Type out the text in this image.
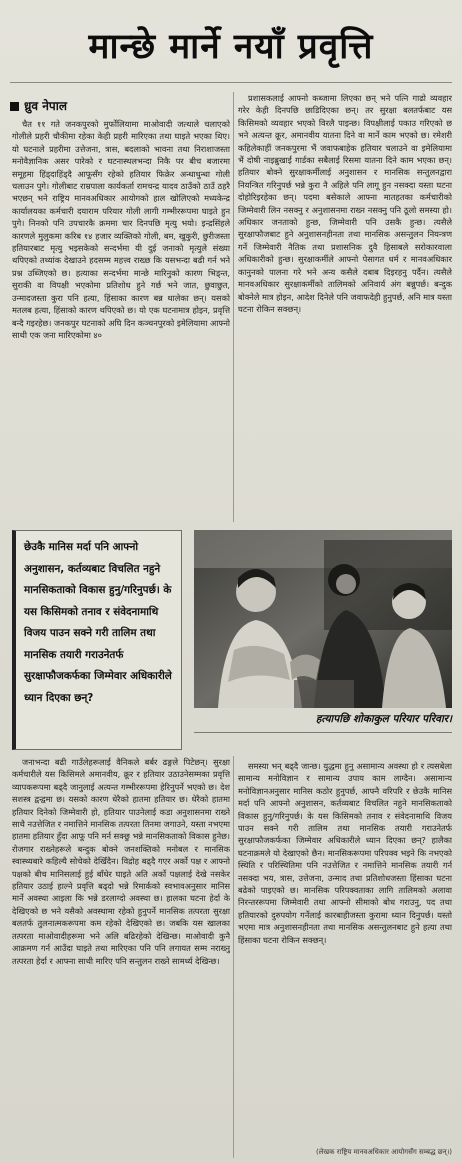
मान्छे मार्ने नयाँ प्रवृत्ति
ध्रुव नेपाल

चैत ११ गते जनकपुरको मुर्फोलियामा माओवादी जत्थाले चलाएको गोलीले प्रहरी चौकीमा रहेका केही प्रहरी मारिएका तथा घाइते भएका थिए। यो घटनाले प्रहरीमा उत्तेजना, त्रास, बदलाको भावना तथा निराशाजस्ता मनोवैज्ञानिक असर पारेको र घटनास्थलभन्दा निकै पर बीच बजारमा समूहमा हिंड्दाहिंड्दै आफूसँग रहेको हतियार फिक्रेर अन्धाधुन्धा गोली चलाउन पुगे। गोलीबाट राम्रपाला कार्यकर्ता रामचन्द्र यादव ठाउँको ठाउँ ठहरै भएछन् भने राष्ट्रिय मानवअधिकार आयोगको हाल खोलिएको मध्यकेन्द्र कार्यालयका कर्मचारी दयाराम परियार गोली लागी गम्भीररूपमा घाइते हुन पुगे। निनको पनि उपचारकै क्रममा चार दिनपछि मृत्यु भयो। इन्द्रसिंहले कारणले मुलुकमा करिब १४ हजार व्यक्तिको गोली, बम, खुकुरी, छुरीजस्ता हतियारबाट मृत्यु भइसकेको सन्दर्भमा यी दुई जनाको मृत्युले संख्या थपिएको तथ्यांक देखाउने हदसम्म महत्त्व राख्छ कि यसभन्दा बढी गर्न भने प्रश्न उब्जिएको छ। हत्याका सन्दर्भमा मान्छे मारिनुको कारण भिड्न्त, सुराकी वा विपक्षी भएकोमा प्रतिशोध हुने गर्छ भने जात, छुवाछुत, उन्मादजस्ता कुरा पनि हत्या, हिंसाका कारण बन्न थालेका छन्। यसको मतलब हत्या, हिंसाको कारण थपिएको छ। यो एक घटनामात्र होइन, प्रवृत्ति बन्दै गइरहेछ। जनकपुर घटनाको अघि दिन कञ्चनपुरको इमेलियामा आफ्नो साथी एक जना मारिएकोमा ४०

प्रशासकलाई आफ्नो कब्जामा लिएका छन् भने पत्नि गाढो व्यवहार गरेर केही दिनपछि छाडिदिएका छन्। तर सुरक्षा बलतर्फबाट यस किसिमको व्यवहार भएको विरलै पाइन्छ। विपक्षीलाई पकाउ गरिएको छ भने अत्यन्त क्रूर, अमानवीय यातना दिने वा मार्ने काम भएको छ। रमेशरी कहिलेकाहीं जनकपुरमा भैं जवाफबाहेक हतियार चलाउने वा इमेलियामा भैं दोषी नाइब्रुखाई गार्डका सबैलाई रिसमा यातना दिने काम भएका छन्। हतियार बोक्ने सुरक्षाकर्मीलाई अनुशासन र मानसिक सन्तुलनद्वारा नियन्त्रित गरिनुपर्छ भन्ने कुरा नै अहिले पनि लागू हुन नसक्दा यस्ता घटना दोहोरिइरहेका छन्। पदमा बसेकाले आफ्ना मातहतका कर्मचारीको जिम्मेवारी लिन नसक्नु र अनुशासनमा राख्न नसक्नु पनि ठूलो समस्या हो। अधिकार जनताको हुन्छ, जिम्मेवारी पनि उसकै हुन्छ। त्यसैले सुरक्षाफौजबाट हुने अनुशासनहीनता तथा मानसिक असन्तुलन नियन्त्रण गर्ने जिम्मेवारी नैतिक तथा प्रशासनिक दुवै हिसाबले सरोकारवाला अधिकारीको हुन्छ। सुरक्षाकर्मीले आफ्नो पेसागत धर्म र मानवअधिकार कानुनको पालना गरे भने अन्य कसैले दबाब दिइरहनु पर्दैन। त्यसैले मानवअधिकार सुरक्षाकर्मीको तालिमको अनिवार्य अंग बन्नुपर्छ। बन्दुक बोक्नेले मात्र होइन, आदेश दिनेले पनि जवाफदेही हुनुपर्छ, अनि मात्र यस्ता घटना रोकिन सक्छन्।

छेउकै मानिस मर्दा पनि आफ्नो अनुशासन, कर्तव्यबाट विचलित नहुने मानसिकताको विकास हुनु/गरिनुपर्छ। के यस किसिमको तनाव र संवेदनामाथि विजय पाउन सक्ने गरी तालिम तथा मानसिक तयारी गराउनेतर्फ सुरक्षाफौजकर्फका जिम्मेवार अधिकारीले ध्यान दिएका छन्?

हत्यापछि शोकाकुल परियार परिवार।

जनाभन्दा बढी गाउँलेहरूलाई वैनिकले बर्बर ढङ्गले पिटेछन्। सुरक्षा कर्मचारीले यस किसिमले अमानवीय, क्रूर र हतियार उठाउनेसम्मका प्रवृत्ति व्यापकरूपमा बढ्दै जानुलाई अत्यन्त गम्भीररूपमा हेरिनुपर्ने भएको छ। देश सशस्त्र द्वन्द्वमा छ। यसको कारण धेरैको हातमा हतियार छ। धेरैको हातमा हतियार दिनेको जिम्मेवारी हो, हतियार पाउनेलाई कडा अनुशासनमा राख्ने साथै नउत्तेजित र नमात्तिने मानसिक तत्परता तिनमा जगाउने, यस्ता नभएमा हातमा हतियार हुँदा आफू पनि मर्न सक्छु भन्ने मानसिकताको विकास हुनेछ। रोजगार राख्नेहरूले बन्दुक बोक्ने जनशक्तिको मनोबल र मानसिक स्वास्थ्यबारे कहिल्यै सोचेको देखिँदैन। विद्रोह बढ्दै गएर अर्को पक्ष र आफ्नो पक्षको बीच मानिसलाई हुई बाँधेर घाइते अति अर्को पक्षलाई देखे नसकेर हतियार उठाई हाल्ने प्रवृत्ति बढ्दो भन्ने रिमार्कको स्वभावअनुसार मानिस मार्ने अवस्था आइला कि भन्ने डरलाग्दो अवस्था छ। हालका घटना हेर्दा के देखिएको छ भने यसैको अवस्थामा रहेको हुनुपर्ने मानसिक तत्परता सुरक्षा बलतर्फ तुलनात्मकरूपमा कम रहेको देखिएको छ। जबकि यस खालका तत्परता माओवादीहरूमा भने अलि बढिरहेको देखिन्छ। माओवादी कुनै आक्रमण गर्न आउँदा घाइते तथा मारिएका पनि पनि लगायत सम्म नराख्नु तत्परता हेर्दा र आफ्ना साथी मारिए पनि सन्तुलन राख्ने सामर्थ्य देखिन्छ।

समस्या भन् बढ्दै जान्छ। युद्धमा हुनु असामान्य अवस्था हो र त्यसबेला सामान्य मनोविज्ञान र सामान्य उपाय काम लाग्दैन। असामान्य मनोविज्ञानअनुसार मानिस कठोर हुनुपर्छ, आफ्नै वरिपरि र छेउकै मानिस मर्दा पनि आफ्नो अनुशासन, कर्तव्यबाट विचलित नहुने मानसिकताको विकास हुनु/गरिनुपर्छ। के यस किसिमको तनाव र संवेदनामाथि विजय पाउन सक्ने गरी तालिम तथा मानसिक तयारी गराउनेतर्फ सुरक्षाफौजकर्फका जिम्मेवार अधिकारीले ध्यान दिएका छन्? हालैका घटनाक्रमले यो देखाएको छैन। मानसिकरूपमा परिपक्व भइने कि नभएको स्थिति र परिस्थितिमा पनि नउत्तेजित र नमात्तिने मानसिक तयारी गर्न नसक्दा भय, त्रास, उत्तेजना, उन्माद तथा प्रतिशोधजस्ता हिंसाका घटना बढेको पाइएको छ। मानसिक परिपक्वताका लागि तालिमको अलावा निरन्तररूपमा जिम्मेवारी तथा आफ्नो सीमाको बोध गराउनु, पद तथा हतियारको दुरुपयोग गर्नेलाई कारबाहीजस्ता कुरामा ध्यान दिनुपर्छ। यस्तो भएमा मात्र अनुशासनहीनता तथा मानसिक असन्तुलनबाट हुने हत्या तथा हिंसाका घटना रोकिन सक्छन्।

(लेखक राष्ट्रिय मानवअधिकार आयोगसँग सम्बद्ध छन्।)
